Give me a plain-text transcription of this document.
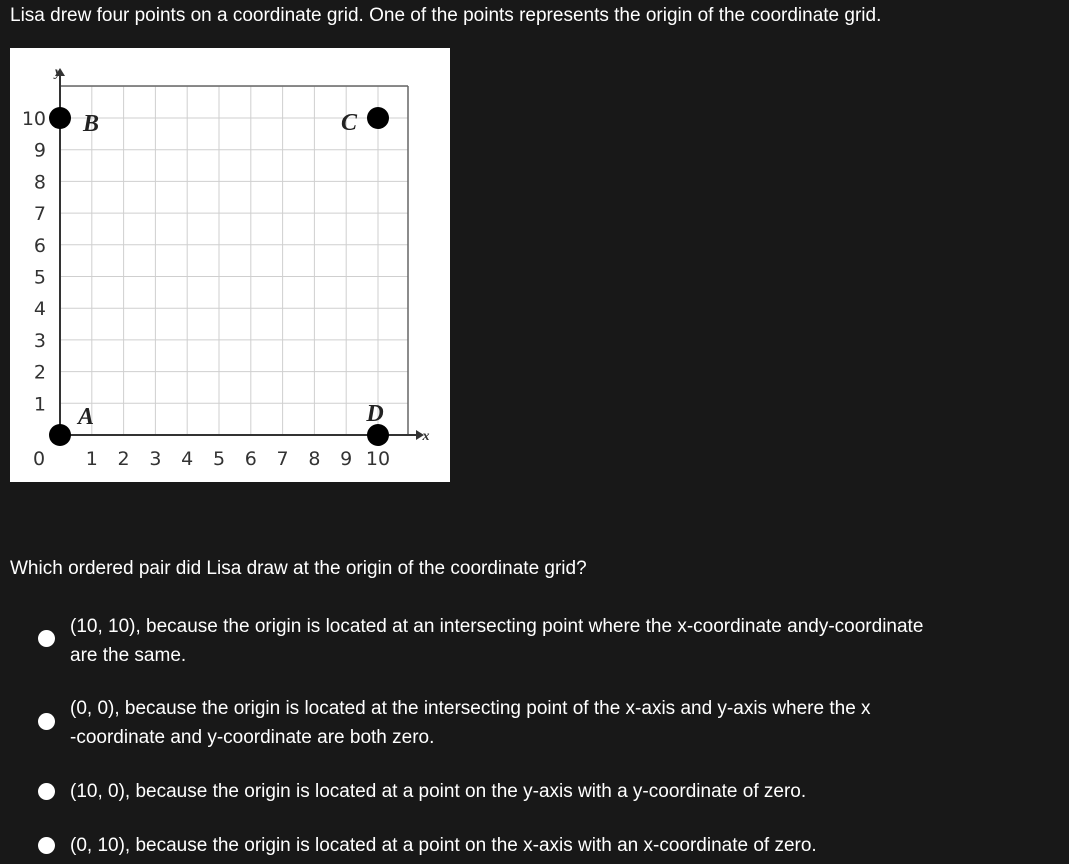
Lisa drew four points on a coordinate grid. One of the points represents the origin of the coordinate grid.
y
x
0 1 2 3 4 5 6 7 8 9 10
1
2
3
4
5
6
7
8
9
10
A
B	C
D
Which ordered pair did Lisa draw at the origin of the coordinate grid?
(10, 10), because the origin is located at an intersecting point where the x-coordinate andy-coordinate
are the same.
(0, 0), because the origin is located at the intersecting point of the x-axis and y-axis where the x
-coordinate and y-coordinate are both zero.
(10, 0), because the origin is located at a point on the y-axis with a y-coordinate of zero.
(0, 10), because the origin is located at a point on the x-axis with an x-coordinate of zero.
